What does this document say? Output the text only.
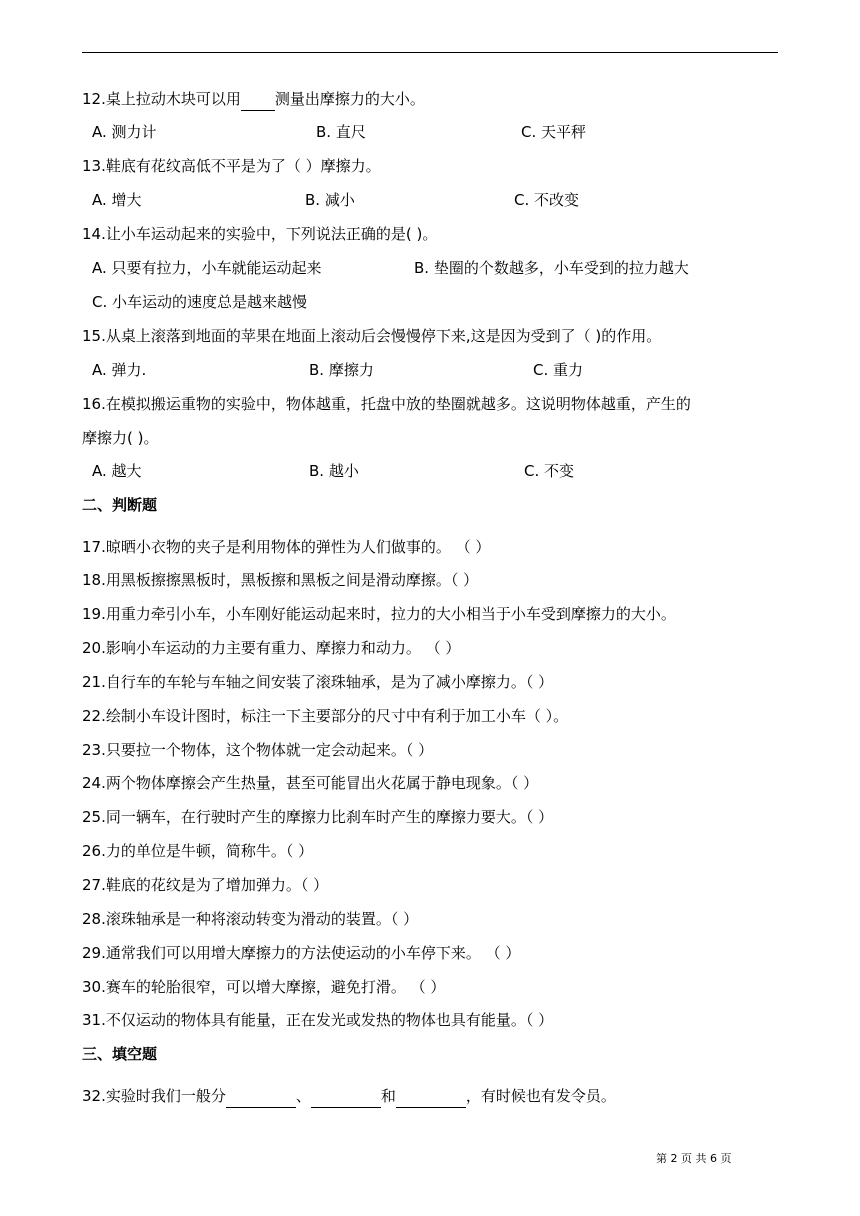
12.桌上拉动木块可以用 测量出摩擦力的大小。
A. 测力计	B. 直尺	C. 天平秤
13.鞋底有花纹高低不平是为了（ ）摩擦力。
A. 增大	B. 减小	C. 不改变
14.让小车运动起来的实验中，下列说法正确的是( )。
A. 只要有拉力，小车就能运动起来	B. 垫圈的个数越多，小车受到的拉力越大
C. 小车运动的速度总是越来越慢
15.从桌上滚落到地面的苹果在地面上滚动后会慢慢停下来,这是因为受到了（ )的作用。
A. 弹力.	B. 摩擦力	C. 重力
16.在模拟搬运重物的实验中，物体越重，托盘中放的垫圈就越多。这说明物体越重，产生的
摩擦力( )。
A. 越大	B. 越小	C. 不变
二、判断题
17.晾晒小衣物的夹子是利用物体的弹性为人们做事的。 （ ）
18.用黑板擦擦黑板时，黑板擦和黑板之间是滑动摩擦。（ ）
19.用重力牵引小车，小车刚好能运动起来时，拉力的大小相当于小车受到摩擦力的大小。
20.影响小车运动的力主要有重力、摩擦力和动力。 （ ）
21.自行车的车轮与车轴之间安装了滚珠轴承，是为了减小摩擦力。（ ）
22.绘制小车设计图时，标注一下主要部分的尺寸中有利于加工小车（ ）。
23.只要拉一个物体，这个物体就一定会动起来。（ ）
24.两个物体摩擦会产生热量，甚至可能冒出火花属于静电现象。（ ）
25.同一辆车，在行驶时产生的摩擦力比刹车时产生的摩擦力要大。（ ）
26.力的单位是牛顿，简称牛。（ ）
27.鞋底的花纹是为了增加弹力。（ ）
28.滚珠轴承是一种将滚动转变为滑动的装置。（ ）
29.通常我们可以用增大摩擦力的方法使运动的小车停下来。 （ ）
30.赛车的轮胎很窄，可以增大摩擦，避免打滑。 （ ）
31.不仅运动的物体具有能量，正在发光或发热的物体也具有能量。（ ）
三、填空题
32.实验时我们一般分	、	和	，有时候也有发令员。
第 2 页 共 6 页
